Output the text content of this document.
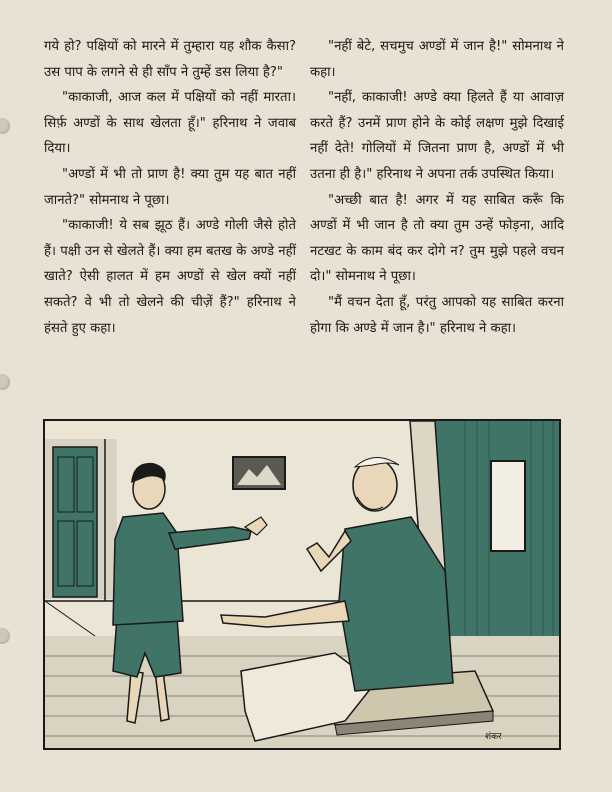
गये हो? पक्षियों को मारने में तुम्हारा यह शौक कैसा? उस पाप के लगने से ही साँप ने तुम्हें डस लिया है?"

"काकाजी, आज कल में पक्षियों को नहीं मारता। सिर्फ़ अण्डों के साथ खेलता हूँ।" हरिनाथ ने जवाब दिया।

"अण्डों में भी तो प्राण है! क्या तुम यह बात नहीं जानते?" सोमनाथ ने पूछा।

"काकाजी! ये सब झूठ हैं। अण्डे गोली जैसे होते हैं। पक्षी उन से खेलते हैं। क्या हम बतख के अण्डे नहीं खाते? ऐसी हालत में हम अण्डों से खेल क्यों नहीं सकते? वे भी तो खेलने की चीज़ें हैं?" हरिनाथ ने हंसते हुए कहा।

"नहीं बेटे, सचमुच अण्डों में जान है!" सोमनाथ ने कहा।

"नहीं, काकाजी! अण्डे क्या हिलते हैं या आवाज़ करते हैं? उनमें प्राण होने के कोई लक्षण मुझे दिखाई नहीं देते! गोलियों में जितना प्राण है, अण्डों में भी उतना ही है।" हरिनाथ ने अपना तर्क उपस्थित किया।

"अच्छी बात है! अगर में यह साबित करूँ कि अण्डों में भी जान है तो क्या तुम उन्हें फोड़ना, आदि नटखट के काम बंद कर दोगे न? तुम मुझे पहले वचन दो।" सोमनाथ ने पूछा।

"मैं वचन देता हूँ, परंतु आपको यह साबित करना होगा कि अण्डे में जान है।" हरिनाथ ने कहा।

शंकर
